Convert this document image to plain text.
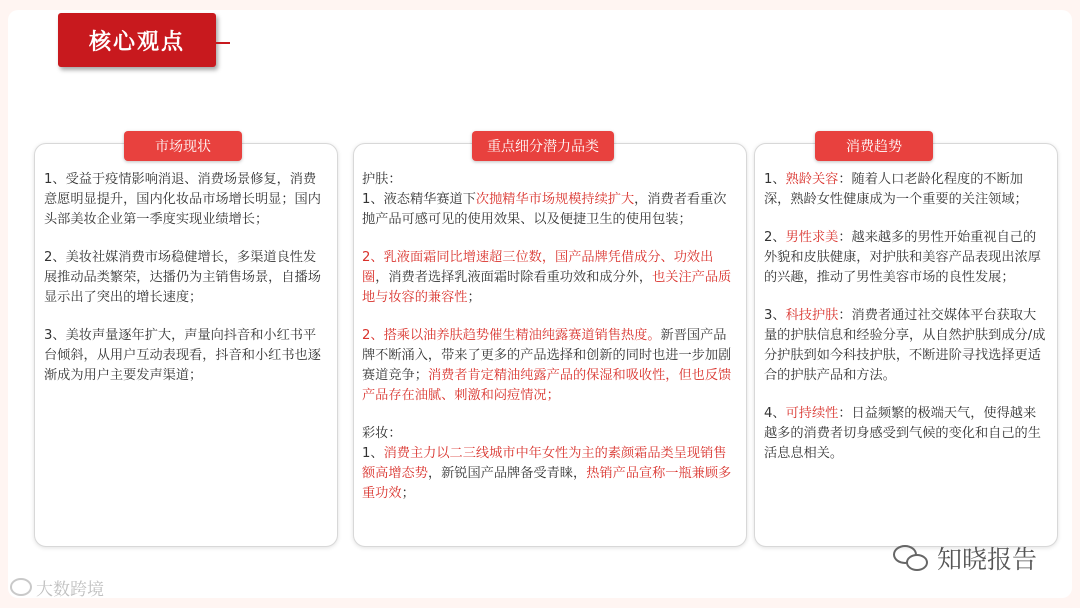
核心观点
市场现状	重点细分潜力品类	消费趋势

1、受益于疫情影响消退、消费场景修复，消费意愿明显提升，国内化妆品市场增长明显；国内头部美妆企业第一季度实现业绩增长；

2、美妆社媒消费市场稳健增长，多渠道良性发展推动品类繁荣，达播仍为主销售场景，自播场显示出了突出的增长速度；

3、美妆声量逐年扩大，声量向抖音和小红书平台倾斜，从用户互动表现看，抖音和小红书也逐渐成为用户主要发声渠道；

护肤：

1、液态精华赛道下次抛精华市场规模持续扩大，消费者看重次抛产品可感可见的使用效果、以及便捷卫生的使用包装；

2、乳液面霜同比增速超三位数，国产品牌凭借成分、功效出圈，消费者选择乳液面霜时除看重功效和成分外，也关注产品质地与妆容的兼容性；

2、搭乘以油养肤趋势催生精油纯露赛道销售热度。新晋国产品牌不断涌入，带来了更多的产品选择和创新的同时也进一步加剧赛道竞争；消费者肯定精油纯露产品的保湿和吸收性，但也反馈产品存在油腻、刺激和闷痘情况；

彩妆：

1、消费主力以二三线城市中年女性为主的素颜霜品类呈现销售额高增态势，新锐国产品牌备受青睐，热销产品宣称一瓶兼顾多重功效；

1、熟龄关容：随着人口老龄化程度的不断加深，熟龄女性健康成为一个重要的关注领域；

2、男性求美：越来越多的男性开始重视自己的外貌和皮肤健康，对护肤和美容产品表现出浓厚的兴趣，推动了男性美容市场的良性发展；

3、科技护肤：消费者通过社交媒体平台获取大量的护肤信息和经验分享，从自然护肤到成分/成分护肤到如今科技护肤，不断进阶寻找选择更适合的护肤产品和方法。

4、可持续性：日益频繁的极端天气，使得越来越多的消费者切身感受到气候的变化和自己的生活息息相关。

大数跨境
知晓报告
